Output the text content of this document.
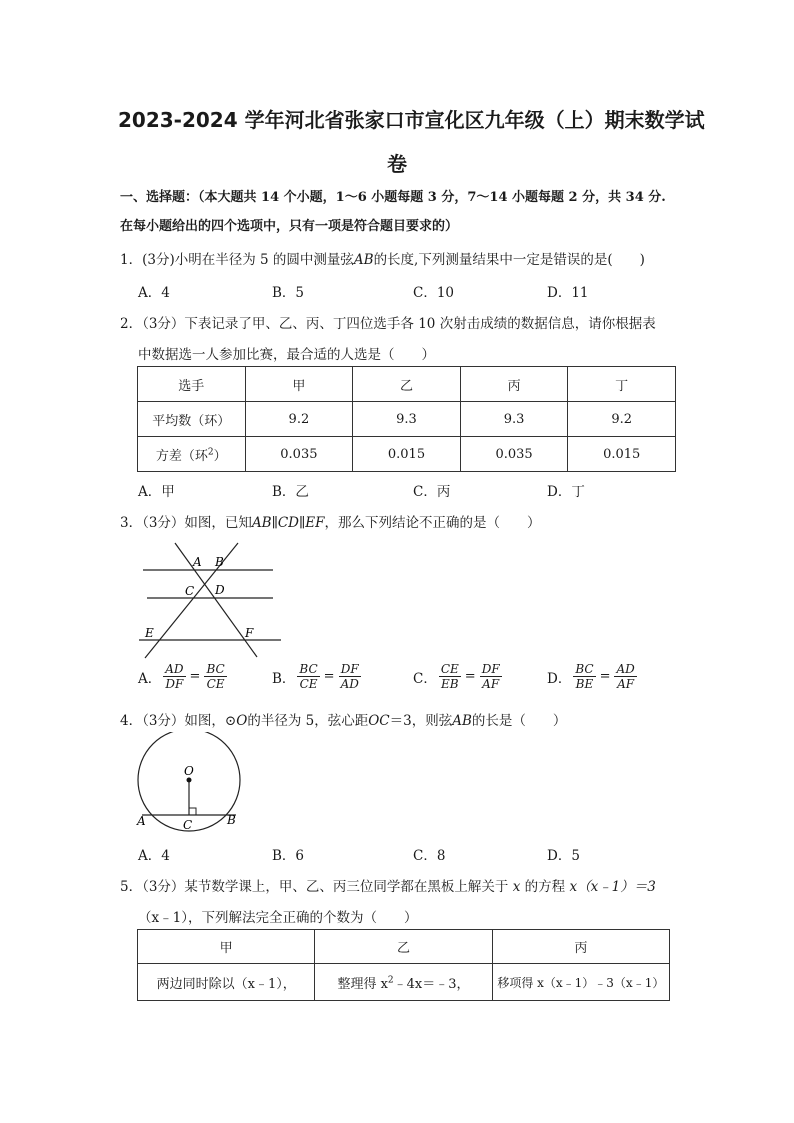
2023-2024 学年河北省张家口市宣化区九年级（上）期末数学试
卷
一、选择题：（本大题共 14 个小题，1～6 小题每题 3 分，7～14 小题每题 2 分，共 34 分.
在每小题给出的四个选项中，只有一项是符合题目要求的）
1．(3分)小明在半径为 5 的圆中测量弦AB的长度,下列测量结果中一定是错误的是(　　)
A．4	B．5	C．10	D．11
2．（3分）下表记录了甲、乙、丙、丁四位选手各 10 次射击成绩的数据信息，请你根据表
中数据选一人参加比赛，最合适的人选是（　　）
选手	甲	乙	丙	丁
平均数（环）	9.2	9.3	9.3	9.2
方差（环$^2$）	0.035	0.015	0.035	0.015
A．甲	B．乙	C．丙	D．丁
3．（3分）如图，已知AB∥CD∥EF，那么下列结论不正确的是（　　）
A B
C D
E	F
A． $\frac{AD}{DF} = \frac{BC}{CE}$	B． $\frac{BC}{CE} = \frac{DF}{AD}$	C． $\frac{CE}{EB} = \frac{DF}{AF}$	D． $\frac{BC}{BE} = \frac{AD}{AF}$
4．（3分）如图，⊙O的半径为 5，弦心距OC＝3，则弦AB的长是（　　）
O
A	C	B
A．4	B．6	C．8	D．5
5．（3分）某节数学课上，甲、乙、丙三位同学都在黑板上解关于 x 的方程 x（x﹣1）＝3
（x﹣1），下列解法完全正确的个数为（　　）
甲	乙	丙
两边同时除以（x﹣1），	整理得 $x^2﹣4x=﹣3$，	移项得 x（x﹣1）﹣3（x﹣1）
